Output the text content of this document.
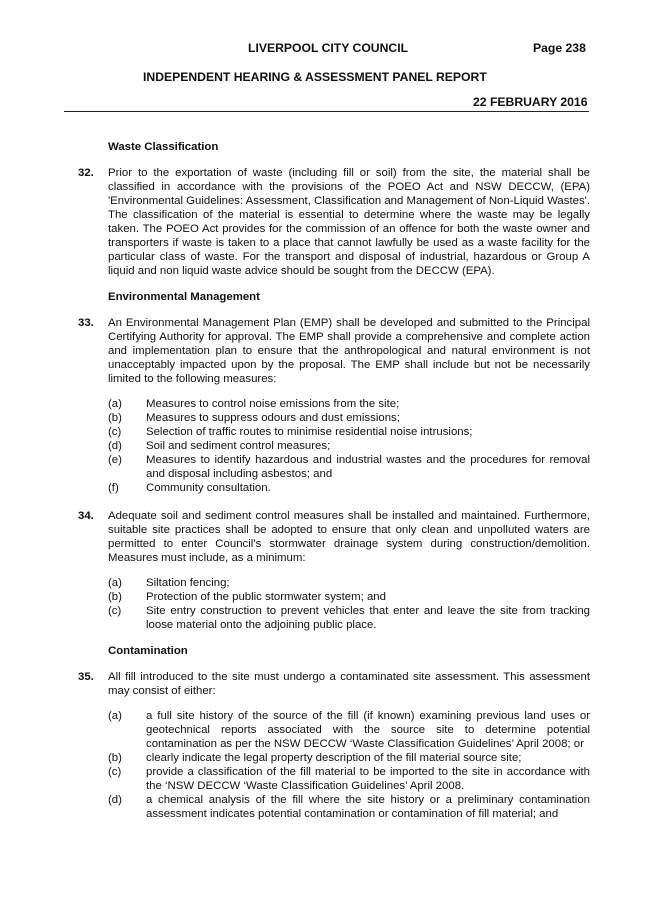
LIVERPOOL CITY COUNCIL	Page 238
INDEPENDENT HEARING & ASSESSMENT PANEL REPORT
22 FEBRUARY 2016
Waste Classification
32.	Prior to the exportation of waste (including fill or soil) from the site, the material shall be classified in accordance with the provisions of the POEO Act and NSW DECCW, (EPA) 'Environmental Guidelines: Assessment, Classification and Management of Non-Liquid Wastes'. The classification of the material is essential to determine where the waste may be legally taken. The POEO Act provides for the commission of an offence for both the waste owner and transporters if waste is taken to a place that cannot lawfully be used as a waste facility for the particular class of waste. For the transport and disposal of industrial, hazardous or Group A liquid and non liquid waste advice should be sought from the DECCW (EPA).
Environmental Management
33.	An Environmental Management Plan (EMP) shall be developed and submitted to the Principal Certifying Authority for approval. The EMP shall provide a comprehensive and complete action and implementation plan to ensure that the anthropological and natural environment is not unacceptably impacted upon by the proposal. The EMP shall include but not be necessarily limited to the following measures:
(a)	Measures to control noise emissions from the site;
(b)	Measures to suppress odours and dust emissions;
(c)	Selection of traffic routes to minimise residential noise intrusions;
(d)	Soil and sediment control measures;
(e)	Measures to identify hazardous and industrial wastes and the procedures for removal and disposal including asbestos; and
(f)	Community consultation.
34.	Adequate soil and sediment control measures shall be installed and maintained. Furthermore, suitable site practices shall be adopted to ensure that only clean and unpolluted waters are permitted to enter Council’s stormwater drainage system during construction/demolition. Measures must include, as a minimum:
(a)	Siltation fencing;
(b)	Protection of the public stormwater system; and
(c)	Site entry construction to prevent vehicles that enter and leave the site from tracking loose material onto the adjoining public place.
Contamination
35.	All fill introduced to the site must undergo a contaminated site assessment. This assessment may consist of either:
(a)	a full site history of the source of the fill (if known) examining previous land uses or geotechnical reports associated with the source site to determine potential contamination as per the NSW DECCW ‘Waste Classification Guidelines’ April 2008; or
(b)	clearly indicate the legal property description of the fill material source site;
(c)	provide a classification of the fill material to be imported to the site in accordance with the ‘NSW DECCW ‘Waste Classification Guidelines’ April 2008.
(d)	a chemical analysis of the fill where the site history or a preliminary contamination assessment indicates potential contamination or contamination of fill material; and
